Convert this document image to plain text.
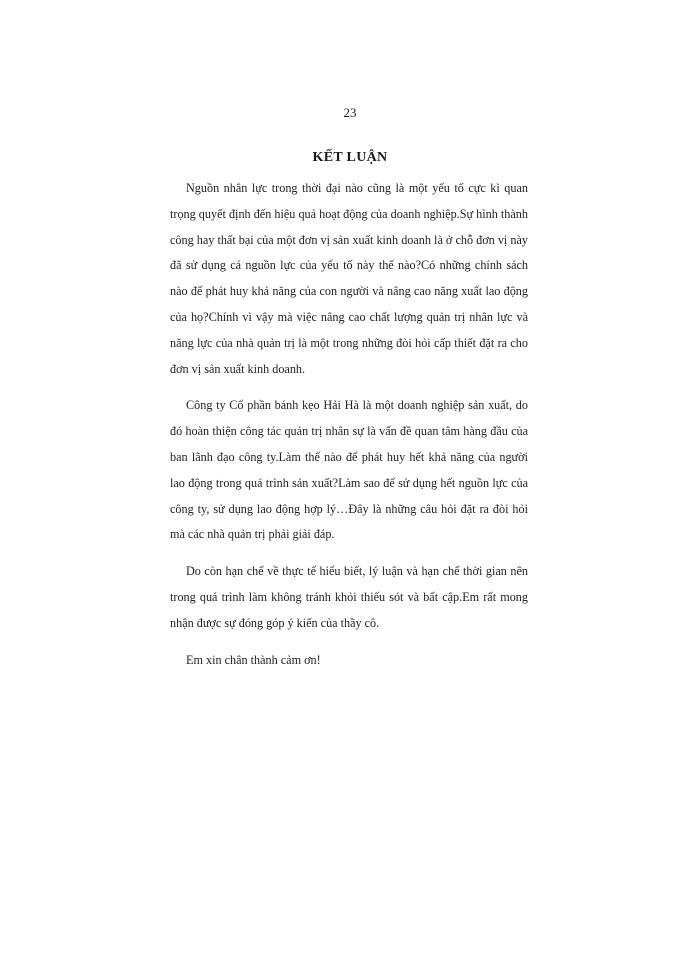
23
KẾT LUẬN

Nguồn nhân lực trong thời đại nào cũng là một yếu tố cực kì quan trọng quyết định đến hiệu quả hoạt động của doanh nghiệp.Sự hình thành công hay thất bại của một đơn vị sản xuất kinh doanh là ở chỗ đơn vị này đã sử dụng cá nguồn lực của yếu tố này thế nào?Có những chính sách nào để phát huy khả năng của con người và nâng cao năng xuất lao động của họ?Chính vì vậy mà việc nâng cao chất lượng quản trị nhân lực và năng lực của nhà quản trị là một trong những đòi hỏi cấp thiết đặt ra cho đơn vị sản xuất kinh doanh.

Công ty Cổ phần bánh kẹo Hải Hà là một doanh nghiệp sản xuất, do đó hoàn thiện công tác quản trị nhân sự là vấn đề quan tâm hàng đầu của ban lãnh đạo công ty.Làm thế nào để phát huy hết khả năng của người lao động trong quá trình sản xuất?Làm sao để sử dụng hết nguồn lực của công ty, sử dụng lao động hợp lý…Đây là những câu hỏi đặt ra đòi hỏi mà các nhà quản trị phải giải đáp.

Do còn hạn chế về thực tế hiểu biết, lý luận và hạn chế thời gian nên trong quá trình làm không tránh khỏi thiếu sót và bất cập.Em rất mong nhận được sự đóng góp ý kiến của thầy cô.

Em xin chân thành cảm ơn!
